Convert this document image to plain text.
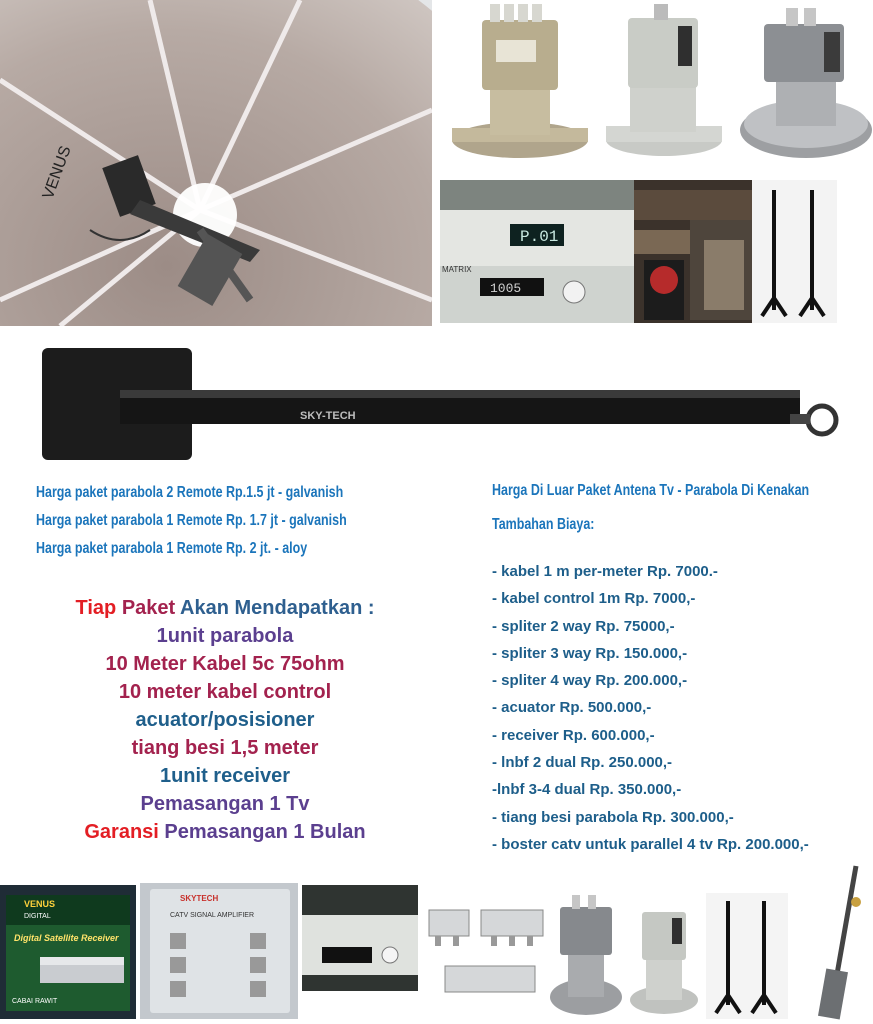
VENUS
P.01
1005
MATRIX
SKY-TECH
Harga paket parabola 2 Remote Rp.1.5 jt - galvanish
Harga paket parabola 1 Remote Rp. 1.7 jt - galvanish
Harga paket parabola 1 Remote Rp. 2 jt. - aloy
Tiap Paket Akan Mendapatkan :
1unit parabola
10 Meter Kabel 5c 75ohm
10 meter kabel control
acuator/posisioner
tiang besi 1,5 meter
1unit receiver
Pemasangan 1 Tv
Garansi Pemasangan 1 Bulan
Harga Di Luar Paket Antena Tv - Parabola Di Kenakan
Tambahan Biaya:
- kabel 1 m per-meter Rp. 7000.-
- kabel control 1m Rp. 7000,-
- spliter 2 way Rp. 75000,-
- spliter 3 way Rp. 150.000,-
- spliter 4 way Rp. 200.000,-
- acuator Rp. 500.000,-
- receiver Rp. 600.000,-
- lnbf 2 dual Rp. 250.000,-
-lnbf 3-4 dual Rp. 350.000,-
- tiang besi parabola Rp. 300.000,-
- boster catv untuk parallel 4 tv Rp. 200.000,-
VENUS
DIGITAL
Digital Satellite Receiver
CABAI RAWIT
SKYTECH
CATV SIGNAL AMPLIFIER
